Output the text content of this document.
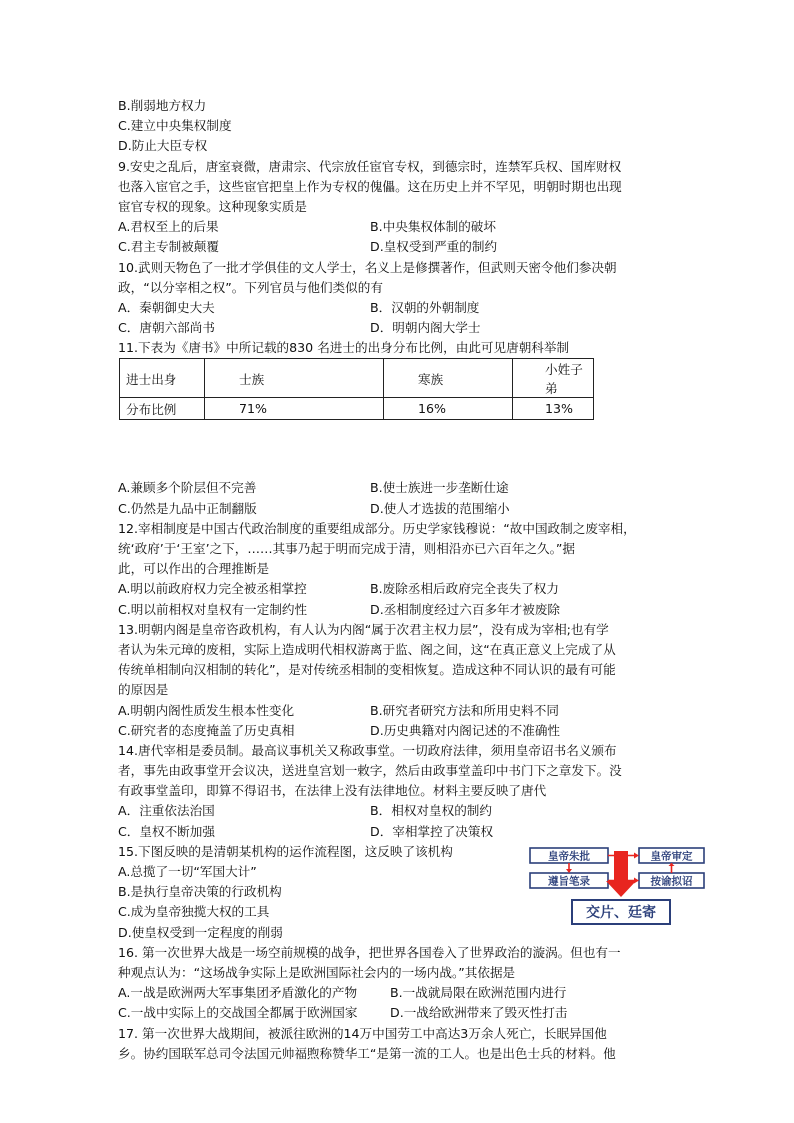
B.削弱地方权力
C.建立中央集权制度
D.防止大臣专权
9.安史之乱后，唐室衰微，唐肃宗、代宗放任宦官专权，到德宗时，连禁军兵权、国库财权
也落入宦官之手，这些宦官把皇上作为专权的傀儡。这在历史上并不罕见，明朝时期也出现
宦官专权的现象。这种现象实质是
A.君权至上的后果	B.中央集权体制的破坏
C.君主专制被颠覆	D.皇权受到严重的制约
10.武则天物色了一批才学俱佳的文人学士，名义上是修撰著作，但武则天密令他们参决朝
政，“以分宰相之权”。下列官员与他们类似的有
A．秦朝御史大夫	B．汉朝的外朝制度
C．唐朝六部尚书	D．明朝内阁大学士
11.下表为《唐书》中所记载的830 名进士的出身分布比例，由此可见唐朝科举制
进士出身	士族	寒族	小姓子弟
分布比例	71%	16%	13%
A.兼顾多个阶层但不完善	B.使士族进一步垄断仕途
C.仍然是九品中正制翻版	D.使人才选拔的范围缩小
12.宰相制度是中国古代政治制度的重要组成部分。历史学家钱穆说：“故中国政制之废宰相，
统‘政府’于‘王室’之下，……其事乃起于明而完成于清，则相沿亦已六百年之久。”据
此，可以作出的合理推断是
A.明以前政府权力完全被丞相掌控	B.废除丞相后政府完全丧失了权力
C.明以前相权对皇权有一定制约性	D.丞相制度经过六百多年才被废除
13.明朝内阁是皇帝咨政机构，有人认为内阁“属于次君主权力层”，没有成为宰相;也有学
者认为朱元璋的废相，实际上造成明代相权游离于监、阁之间，这“在真正意义上完成了从
传统单相制向汉相制的转化”，是对传统丞相制的变相恢复。造成这种不同认识的最有可能
的原因是
A.明朝内阁性质发生根本性变化	B.研究者研究方法和所用史料不同
C.研究者的态度掩盖了历史真相	D.历史典籍对内阁记述的不准确性
14.唐代宰相是委员制。最高议事机关又称政事堂。一切政府法律，须用皇帝诏书名义颁布
者，事先由政事堂开会议决，送进皇宫划一敕字，然后由政事堂盖印中书门下之章发下。没
有政事堂盖印，即算不得诏书，在法律上没有法律地位。材料主要反映了唐代
A．注重依法治国	B．相权对皇权的制约
C．皇权不断加强	D．宰相掌控了决策权
15.下图反映的是清朝某机构的运作流程图，这反映了该机构
A.总揽了一切“军国大计”
B.是执行皇帝决策的行政机构
C.成为皇帝独揽大权的工具
D.使皇权受到一定程度的削弱
皇帝朱批	皇帝审定
遵旨笔录	按谕拟诏
交片、廷寄
16. 第一次世界大战是一场空前规模的战争，把世界各国卷入了世界政治的漩涡。但也有一
种观点认为：“这场战争实际上是欧洲国际社会内的一场内战。”其依据是
A.一战是欧洲两大军事集团矛盾激化的产物	B.一战就局限在欧洲范围内进行
C.一战中实际上的交战国全都属于欧洲国家	D.一战给欧洲带来了毁灭性打击
17. 第一次世界大战期间，被派往欧洲的14万中国劳工中高达3万余人死亡，长眠异国他
乡。协约国联军总司令法国元帅福煦称赞华工“是第一流的工人。也是出色士兵的材料。他
